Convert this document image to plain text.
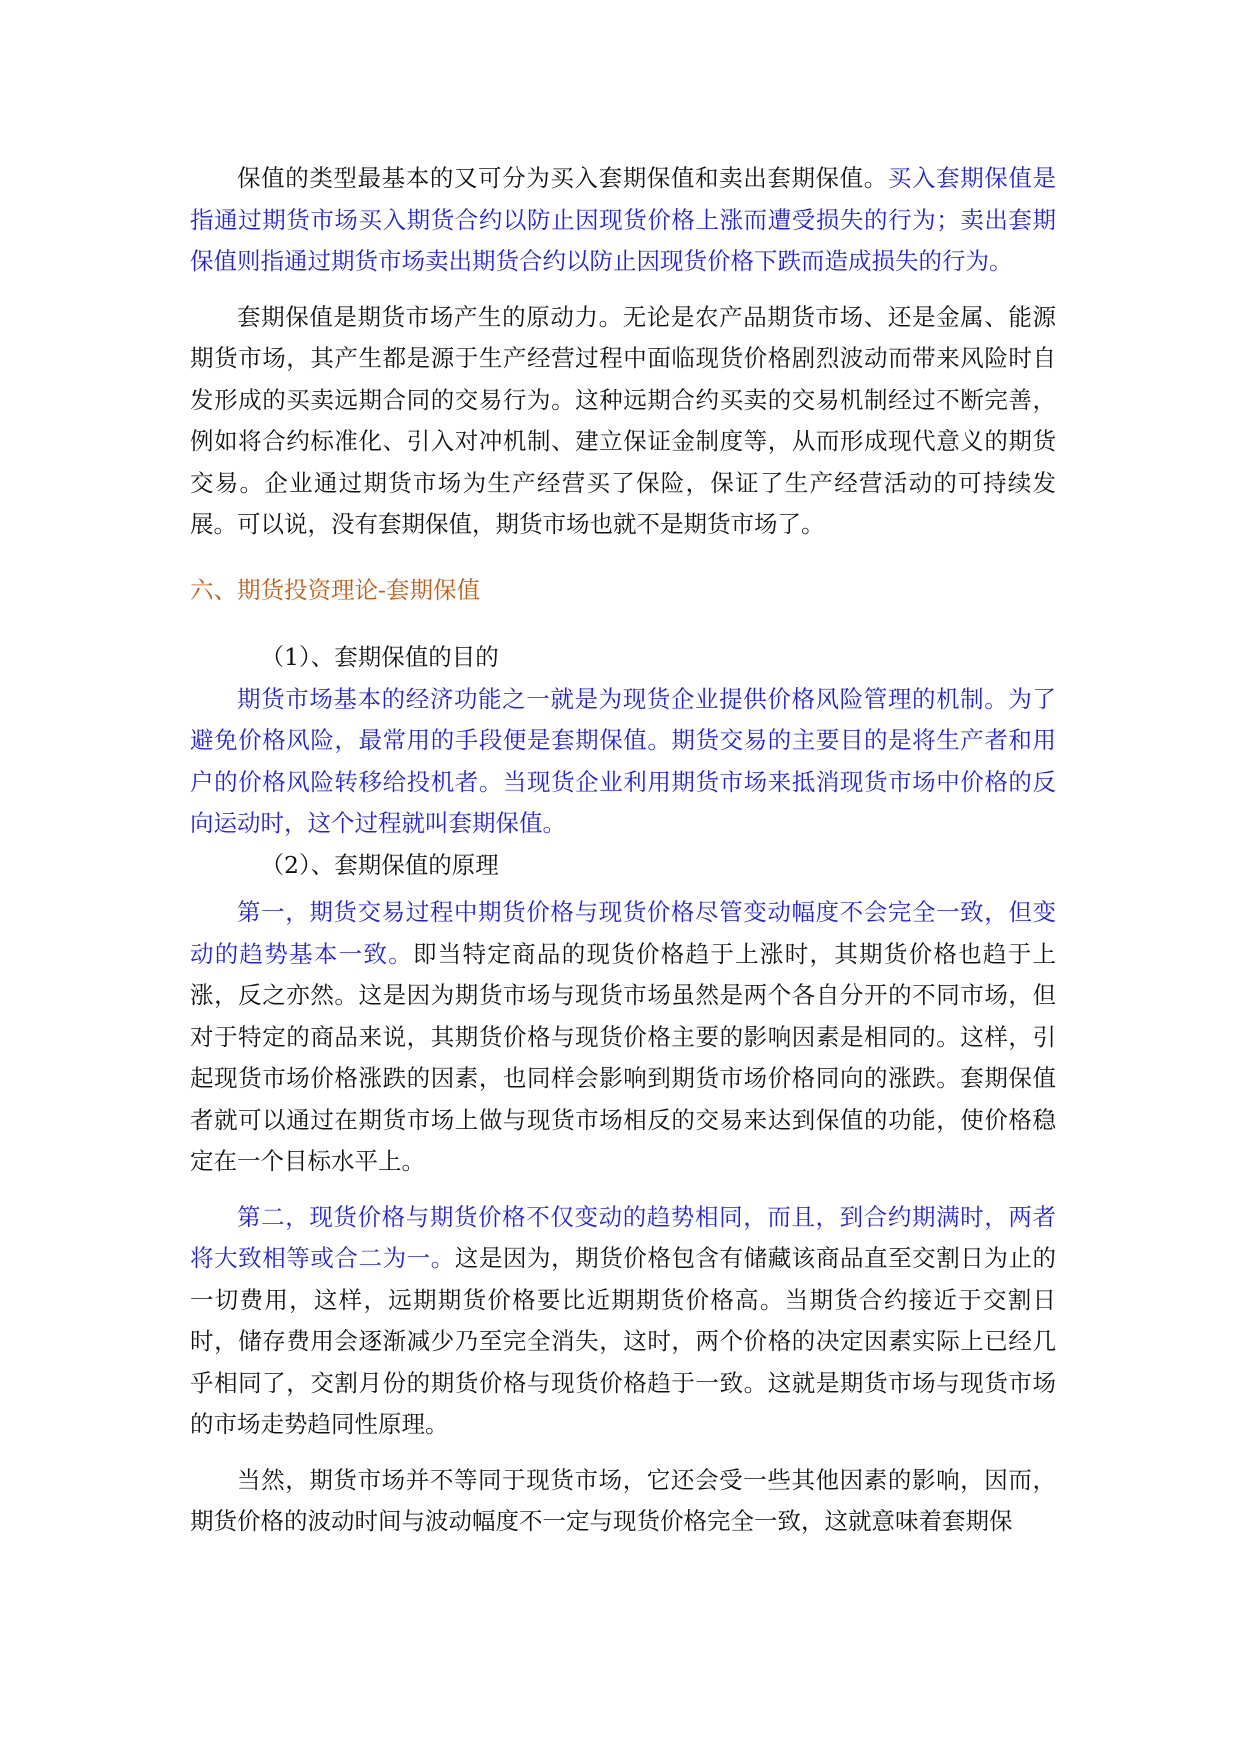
保值的类型最基本的又可分为买入套期保值和卖出套期保值。买入套期保值是指通过期货市场买入期货合约以防止因现货价格上涨而遭受损失的行为；卖出套期保值则指通过期货市场卖出期货合约以防止因现货价格下跌而造成损失的行为。

套期保值是期货市场产生的原动力。无论是农产品期货市场、还是金属、能源期货市场，其产生都是源于生产经营过程中面临现货价格剧烈波动而带来风险时自发形成的买卖远期合同的交易行为。这种远期合约买卖的交易机制经过不断完善，例如将合约标准化、引入对冲机制、建立保证金制度等，从而形成现代意义的期货交易。企业通过期货市场为生产经营买了保险，保证了生产经营活动的可持续发展。可以说，没有套期保值，期货市场也就不是期货市场了。

六、期货投资理论-套期保值

（1）、套期保值的目的

期货市场基本的经济功能之一就是为现货企业提供价格风险管理的机制。为了避免价格风险，最常用的手段便是套期保值。期货交易的主要目的是将生产者和用户的价格风险转移给投机者。当现货企业利用期货市场来抵消现货市场中价格的反向运动时，这个过程就叫套期保值。

（2）、套期保值的原理

第一，期货交易过程中期货价格与现货价格尽管变动幅度不会完全一致，但变动的趋势基本一致。即当特定商品的现货价格趋于上涨时，其期货价格也趋于上涨，反之亦然。这是因为期货市场与现货市场虽然是两个各自分开的不同市场，但对于特定的商品来说，其期货价格与现货价格主要的影响因素是相同的。这样，引起现货市场价格涨跌的因素，也同样会影响到期货市场价格同向的涨跌。套期保值者就可以通过在期货市场上做与现货市场相反的交易来达到保值的功能，使价格稳定在一个目标水平上。

第二，现货价格与期货价格不仅变动的趋势相同，而且，到合约期满时，两者将大致相等或合二为一。这是因为，期货价格包含有储藏该商品直至交割日为止的一切费用，这样，远期期货价格要比近期期货价格高。当期货合约接近于交割日时，储存费用会逐渐减少乃至完全消失，这时，两个价格的决定因素实际上已经几乎相同了，交割月份的期货价格与现货价格趋于一致。这就是期货市场与现货市场的市场走势趋同性原理。

当然，期货市场并不等同于现货市场，它还会受一些其他因素的影响，因而，期货价格的波动时间与波动幅度不一定与现货价格完全一致，这就意味着套期保
